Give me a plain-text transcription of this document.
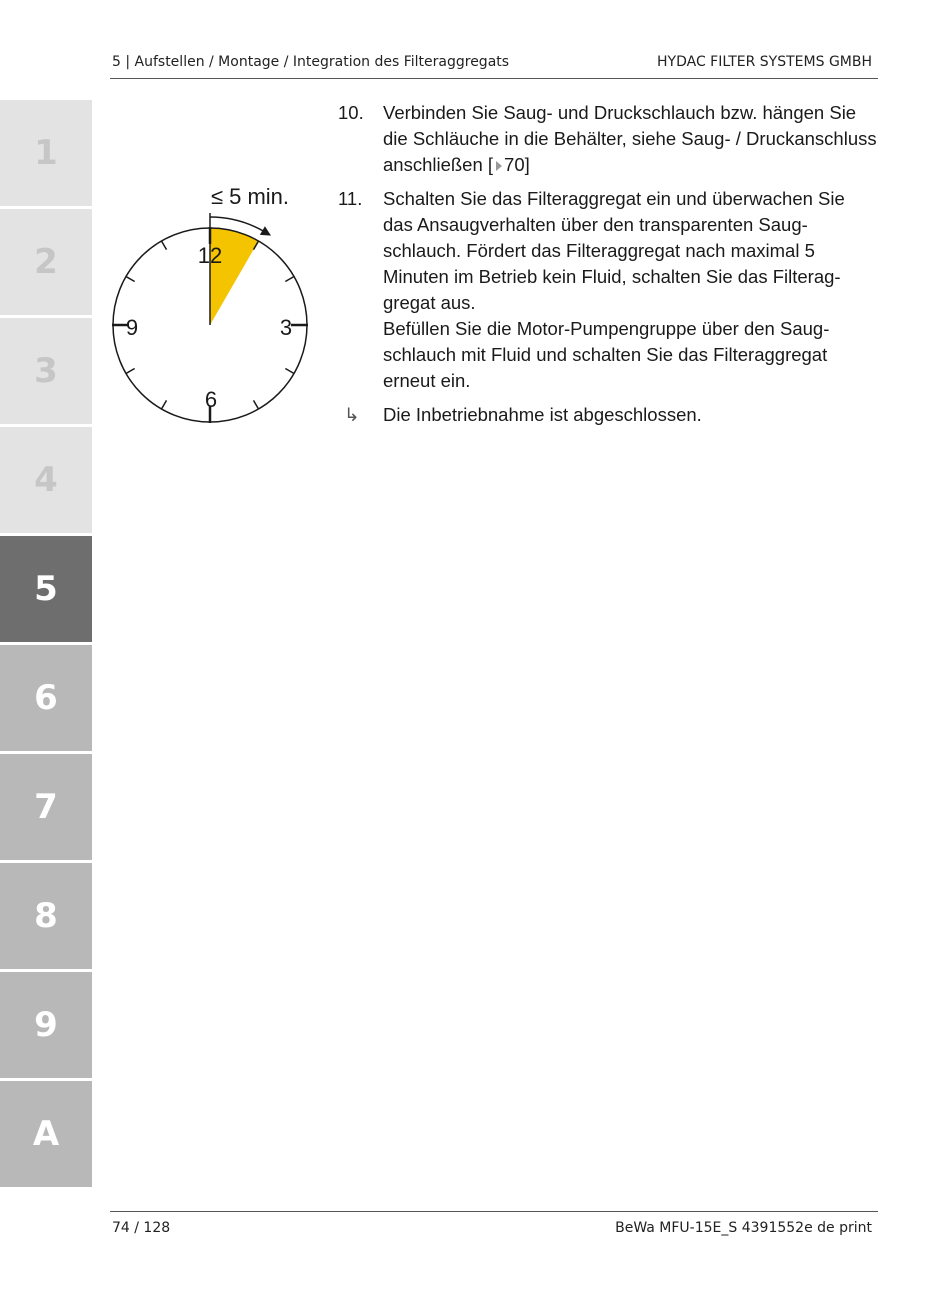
5 | Aufstellen / Montage / Integration des Filteraggregats	HYDAC FILTER SYSTEMS GMBH
1
2
3
4
5
6
7
8
9
A
≤ 5 min.
12
3
6
9
10.	Verbinden Sie Saug- und Druckschlauch bzw. hängen Sie die Schläuche in die Behälter, siehe Saug- / Druckanschluss anschließen [ 70]
11.	Schalten Sie das Filteraggregat ein und überwachen Sie das Ansaugverhalten über den transparenten Saugschlauch. Fördert das Filteraggregat nach maximal 5 Minuten im Betrieb kein Fluid, schalten Sie das Filteraggregat aus.
Befüllen Sie die Motor-Pumpengruppe über den Saugschlauch mit Fluid und schalten Sie das Filteraggregat erneut ein.
↳	Die Inbetriebnahme ist abgeschlossen.
74 / 128	BeWa MFU-15E_S 4391552e de print
